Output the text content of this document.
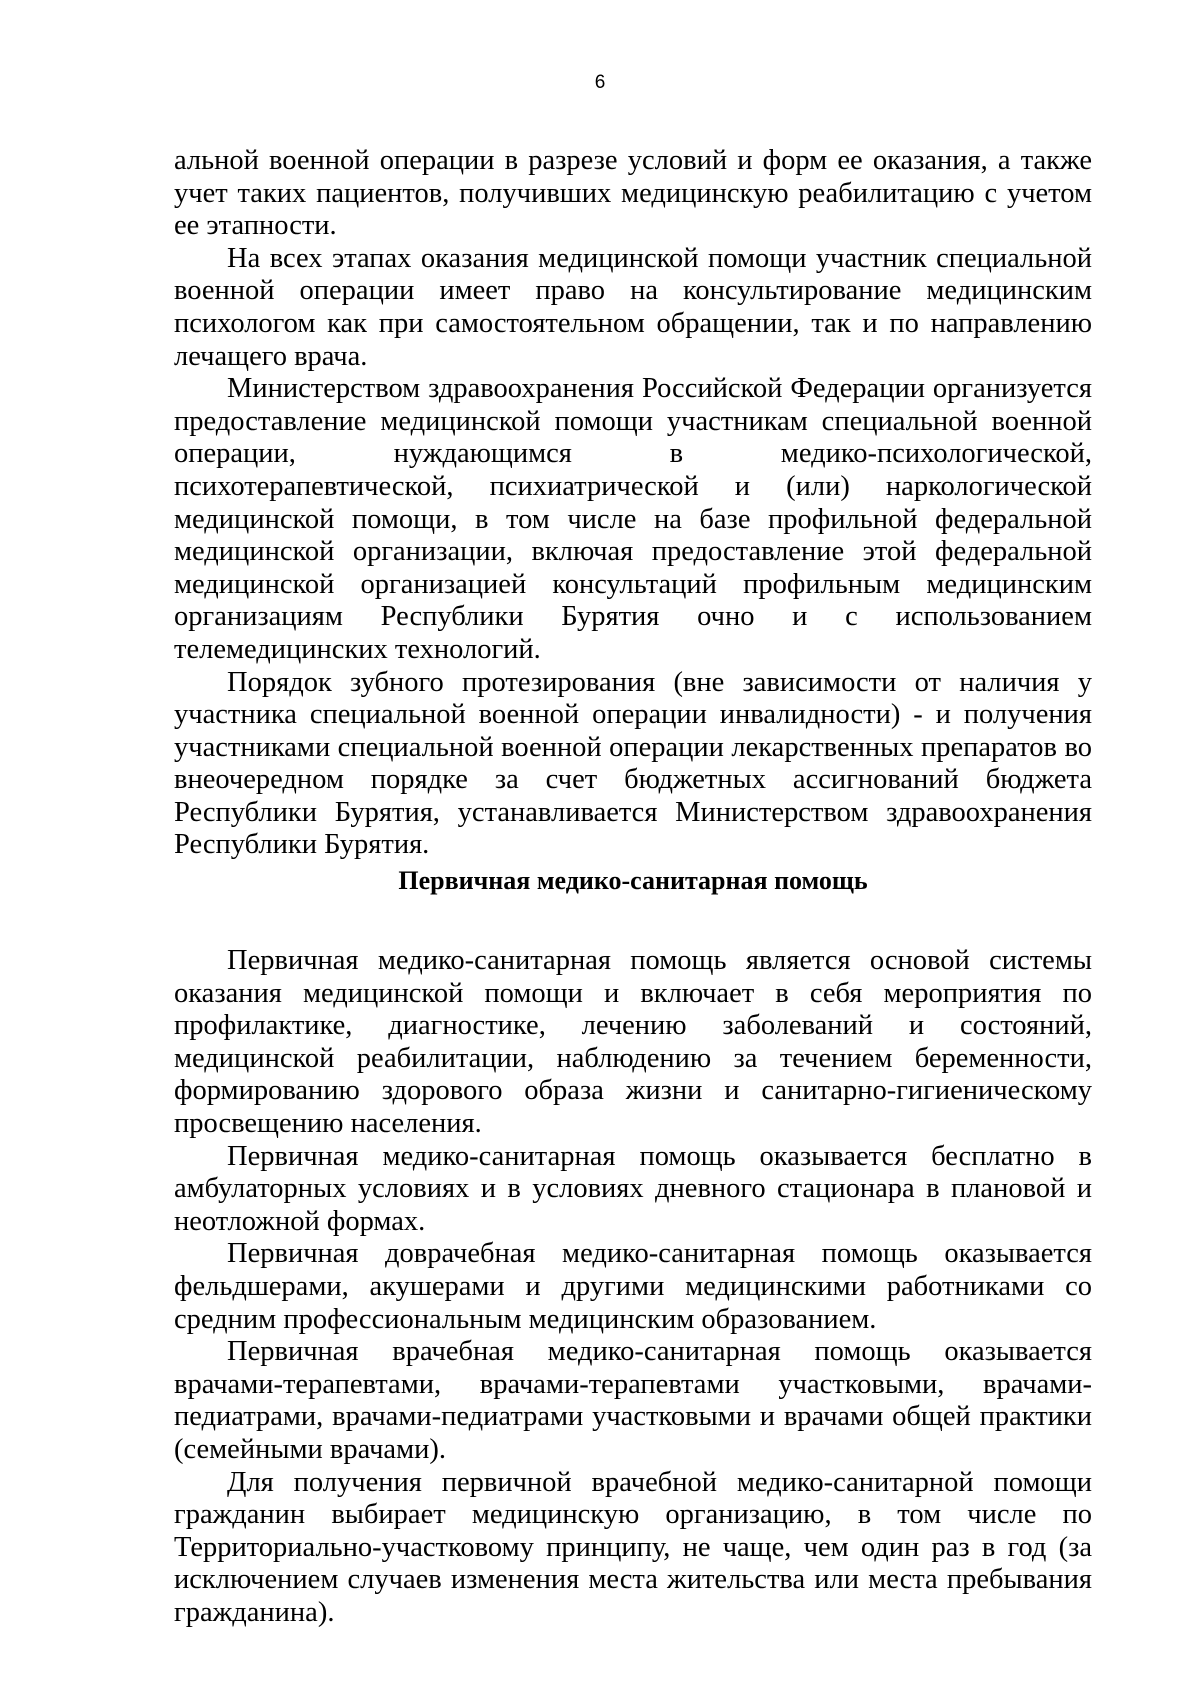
6

альной военной операции в разрезе условий и форм ее оказания, а также учет таких пациентов, получивших медицинскую реабилитацию с учетом ее этапности.

На всех этапах оказания медицинской помощи участник специальной военной операции имеет право на консультирование медицинским психологом как при самостоятельном обращении, так и по направлению лечащего врача.

Министерством здравоохранения Российской Федерации организуется предоставление медицинской помощи участникам специальной военной операции, нуждающимся в медико-психологической, психотерапевтической, психиатрической и (или) наркологической медицинской помощи, в том числе на базе профильной федеральной медицинской организации, включая предоставление этой федеральной медицинской организацией консультаций профильным медицинским организациям Республики Бурятия очно и с использованием телемедицинских технологий.

Порядок зубного протезирования (вне зависимости от наличия у участника специальной военной операции инвалидности) - и получения участниками специальной военной операции лекарственных препаратов во внеочередном порядке за счет бюджетных ассигнований бюджета Республики Бурятия, устанавливается Министерством здравоохранения Республики Бурятия.

Первичная медико-санитарная помощь

Первичная медико-санитарная помощь является основой системы оказания медицинской помощи и включает в себя мероприятия по профилактике, диагностике, лечению заболеваний и состояний, медицинской реабилитации, наблюдению за течением беременности, формированию здорового образа жизни и санитарно-гигиеническому просвещению населения.

Первичная медико-санитарная помощь оказывается бесплатно в амбулаторных условиях и в условиях дневного стационара в плановой и неотложной формах.

Первичная доврачебная медико-санитарная помощь оказывается фельдшерами, акушерами и другими медицинскими работниками со средним профессиональным медицинским образованием.

Первичная врачебная медико-санитарная помощь оказывается врачами-терапевтами, врачами-терапевтами участковыми, врачами-педиатрами, врачами-педиатрами участковыми и врачами общей практики (семейными врачами).

Для получения первичной врачебной медико-санитарной помощи гражданин выбирает медицинскую организацию, в том числе по Территориально-участковому принципу, не чаще, чем один раз в год (за исключением случаев изменения места жительства или места пребывания гражданина).
